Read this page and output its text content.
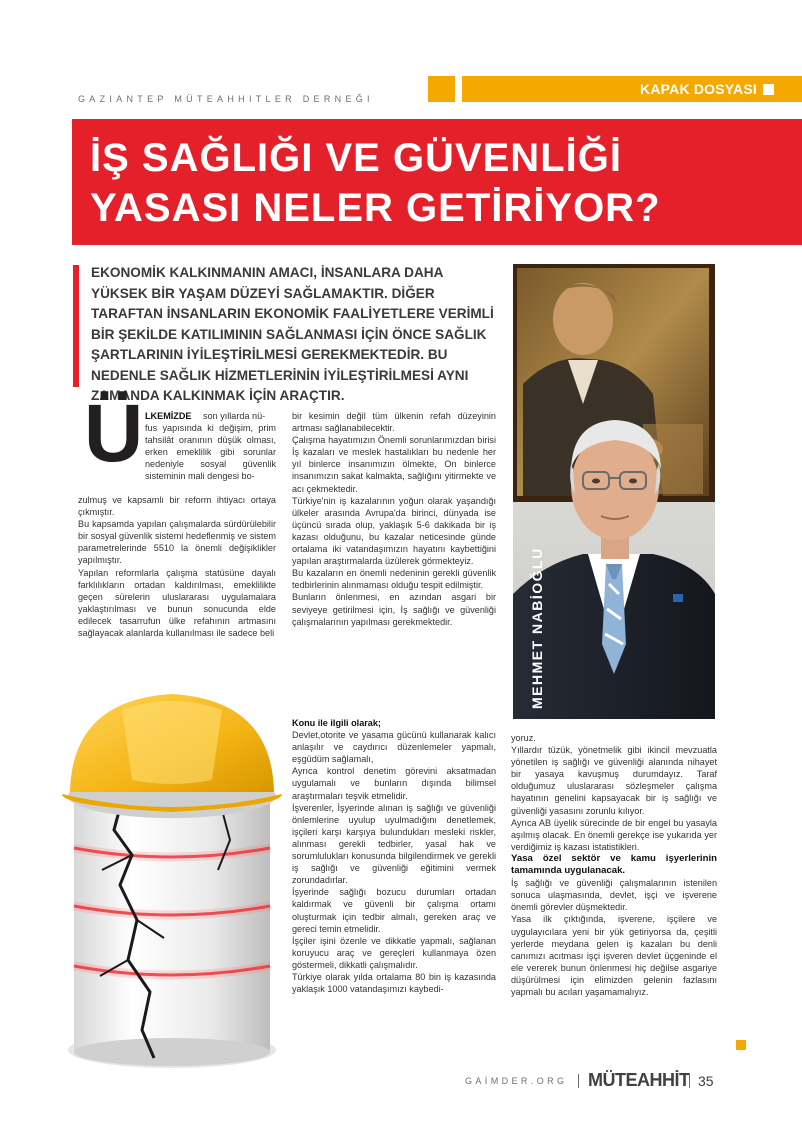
GAZIANTEP MÜTEAHHITLER DERNEĞI
KAPAK DOSYASI
İŞ SAĞLIĞI VE GÜVENLİĞİ
YASASI NELER GETİRİYOR?
EKONOMİK KALKINMANIN AMACI, İNSANLARA DAHA YÜKSEK BİR YAŞAM DÜZEYİ SAĞLAMAKTIR. DİĞER TARAFTAN İNSANLARIN EKONOMİK FAALİYETLERE VERİMLİ BİR ŞEKİLDE KATILIMININ SAĞLANMASI İÇİN ÖNCE SAĞLIK ŞARTLARININ İYİLEŞTİRİLMESİ GEREKMEKTEDİR. BU NEDENLE SAĞLIK HİZMETLERİNİN İYİLEŞTİRİLMESİ AYNI ZAMANDA KALKINMAK İÇİN ARAÇTIR.
MEHMET NABİOĞLU
Ü LKEMİZDE	son yıllarda nü-

fus yapısında ki değişim, prim tahsilât oranının düşük olması, erken emeklilik gibi sorunlar nedeniyle sosyal güvenlik sisteminin mali dengesi bo-

zulmuş ve kapsamlı bir reform ihtiyacı ortaya çıkmıştır.

Bu kapsamda yapılan çalışmalarda sürdürülebilir bir sosyal güvenlik sistemi hedeflenmiş ve sistem parametrelerinde 5510 la önemli değişiklikler yapılmıştır.

Yapılan reformlarla çalışma statüsüne dayalı farklılıkların ortadan kaldırılması, emeklilikte geçen sürelerin uluslararası uygulamalara yaklaştırılması ve bunun sonucunda elde edilecek tasarrufun ülke refahının artmasını sağlayacak alanlarda kullanılması ile sadece beli

bir kesimin değil tüm ülkenin refah düzeyinin artması sağlanabilecektir.

Çalışma hayatımızın Önemli sorunlarımızdan birisi İş kazaları ve meslek hastalıkları bu nedenle her yıl binlerce insanımızın ölmekte, On binlerce insanımızın sakat kalmakta, sağlığını yitirmekte ve acı çekmektedir.

Türkiye'nin iş kazalarının yoğun olarak yaşandığı ülkeler arasında Avrupa'da birinci, dünyada ise üçüncü sırada olup, yaklaşık 5-6 dakikada bir iş kazası olduğunu, bu kazalar neticesinde günde ortalama iki vatandaşımızın hayatını kaybettiğini yapılan araştırmalarda üzülerek görmekteyiz.

Bu kazaların en önemli nedeninin gerekli güvenlik tedbirlerinin alınmaması olduğu tespit edilmiştir.

Bunların önlenmesi, en azından asgari bir seviyeye getirilmesi için, İş sağlığı ve güvenliği çalışmalarının yapılması gerekmektedir.

Konu ile ilgili olarak;

Devlet,otorite ve yasama gücünü kullanarak kalıcı anlaşılır ve caydırıcı düzenlemeler yapmalı, eşgüdüm sağlamalı,

Ayrıca kontrol denetim görevini aksatmadan uygulamalı ve bunların dışında bilimsel araştırmaları teşvik etmelidir.

İşverenler, İşyerinde alınan iş sağlığı ve güvenliği önlemlerine uyulup uyulmadığını denetlemek, işçileri karşı karşıya bulundukları mesleki riskler, alınması gerekli tedbirler, yasal hak ve sorumlulukları konusunda bilgilendirmek ve gerekli iş sağlığı ve güvenliği eğitimini vermek zorundadırlar.

İşyerinde sağlığı bozucu durumları ortadan kaldırmak ve güvenli bir çalışma ortamı oluşturmak için tedbir almalı, gereken araç ve gereci temin etmelidir.

İşçiler işini özenle ve dikkatle yapmalı, sağlanan koruyucu araç ve gereçleri kullanmaya özen göstermeli, dikkatli çalışmalıdır.

Türkiye olarak yılda ortalama 80 bin iş kazasında yaklaşık 1000 vatandaşımızı kaybedi-

yoruz.

Yıllardır tüzük, yönetmelik gibi ikincil mevzuatla yönetilen iş sağlığı ve güvenliği alanında nihayet bir yasaya kavuşmuş durumdayız. Taraf olduğumuz uluslararası sözleşmeler çalışma hayatının genelini kapsayacak bir iş sağlığı ve güvenliği yasasını zorunlu kılıyor.

Ayrıca AB üyelik sürecinde de bir engel bu yasayla aşılmış olacak. En önemli gerekçe ise yukarıda yer verdiğimiz iş kazası istatistikleri.

Yasa özel sektör ve kamu işyerlerinin tamamında uygulanacak.

İş sağlığı ve güvenliği çalışmalarının istenilen sonuca ulaşmasında, devlet, işçi ve işverene önemli görevler düşmektedir.

Yasa ilk çıktığında, işverene, işçilere ve uygulayıcılara yeni bir yük getiriyorsa da, çeşitli yerlerde meydana gelen iş kazaları bu denli canımızı acıtması işçi işveren devlet üçgeninde el ele vererek bunun önlenmesi hiç değilse asgariye düşürülmesi için elimizden gelenin fazlasını yapmalı bu acıları yaşamamalıyız.

GAİMDER.ORG MÜTEAHHİT 35
